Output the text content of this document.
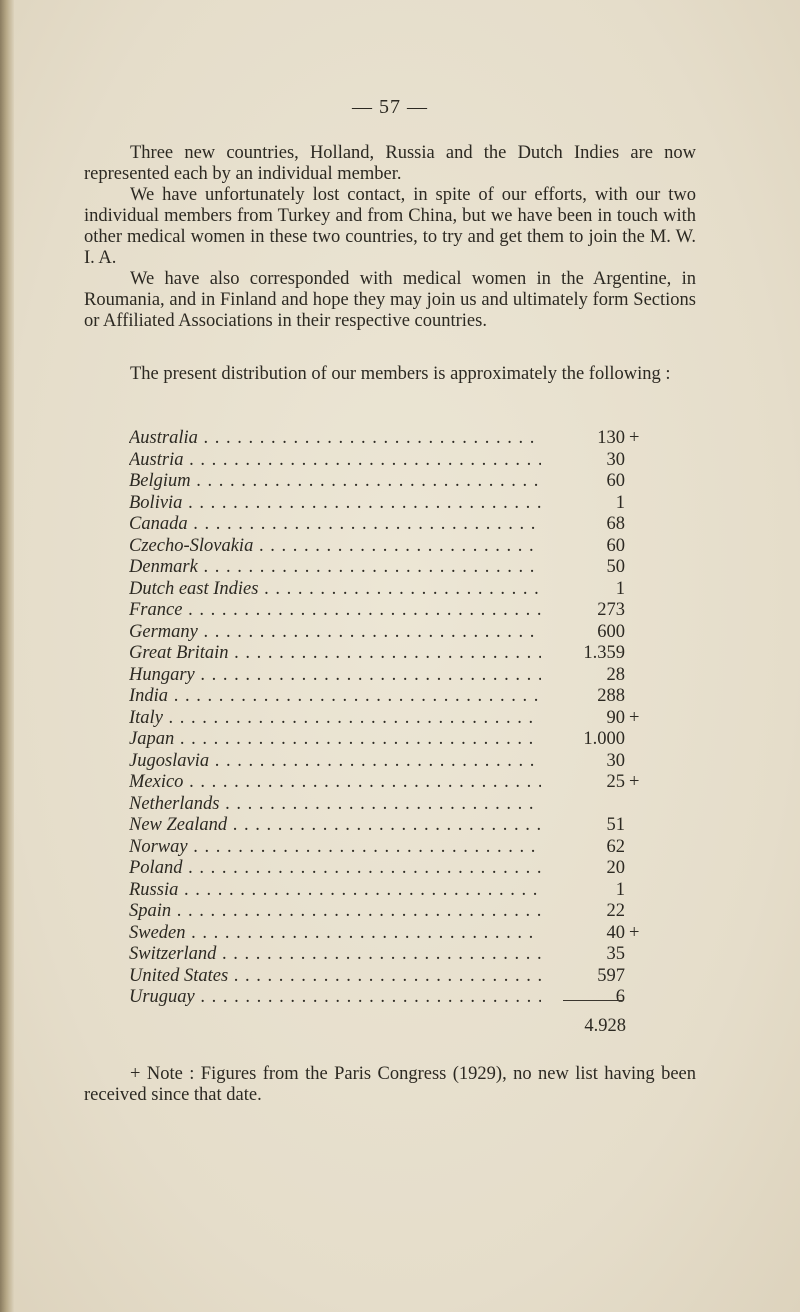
— 57 —

Three new countries, Holland, Russia and the Dutch Indies are now represented each by an individual member.

We have unfortunately lost contact, in spite of our efforts, with our two individual members from Turkey and from China, but we have been in touch with other medical women in these two countries, to try and get them to join the M. W. I. A.

We have also corresponded with medical women in the Argentine, in Roumania, and in Finland and hope they may join us and ultimately form Sections or Affiliated Associations in their respective countries.

The present distribution of our members is approximately the following :

Australia . . .	130 +
Austria . . .	30
Belgium . . .	60
Bolivia . . .	1
Canada . . .	68
Czecho-Slovakia . . .	60
Denmark . . .	50
Dutch east Indies . . .	1
France . . .	273
Germany . . .	600
Great Britain . . .	1.359
Hungary . . .	28
India . . .	288
Italy . . .	90 +
Japan . . .	1.000
Jugoslavia . . .	30
Mexico . . .	25 +
Netherlands . . .
New Zealand . . .	51
Norway . . .	62
Poland . . .	20
Russia . . .	1
Spain . . .	22
Sweden . . .	40 +
Switzerland . . .	35
United States . . .	597
Uruguay . . .	6
4.928

+ Note : Figures from the Paris Congress (1929), no new list having been received since that date.
